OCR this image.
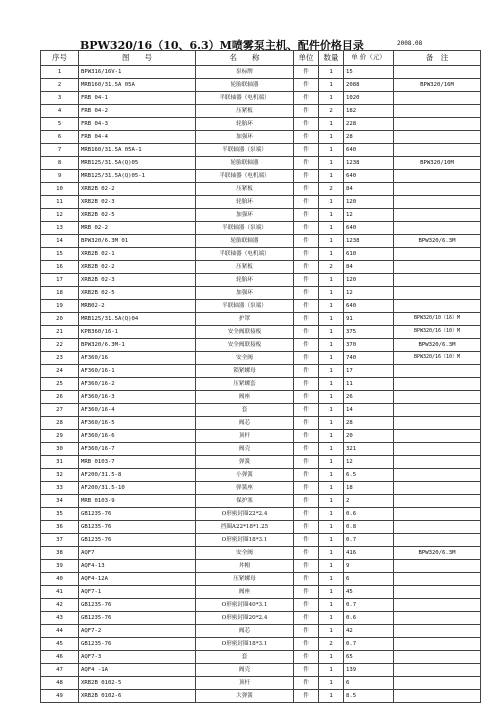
BPW320/16（10、6.3）M喷雾泵主机、配件价格目录	2008.08
序号	图　　号	名　　称	单位	数量	单 价（元）	备　注
1	BPW316/16V-1	泵标牌	件	1	15	
2	MRB160/31.5A 05A	轮胎联轴器	件	1	2088	BPW320/16M
3	FRB 04-1	半联轴器（电机端）	件	1	1020	
4	FRB 04-2	压紧板	件	2	182	
5	FRB 04-3	轮胎环	件	1	228	
6	FRB 04-4	加强环	件	1	28	
7	MRB160/31.5A 05A-1	半联轴器（泵端）	件	1	640	
8	MRB125/31.5A(Q)05	轮胎联轴器	件	1	1238	BPW320/10M
9	MRB125/31.5A(Q)05-1	半联轴器（电机端）	件	1	640	
10	XRB2B 02-2	压紧板	件	2	84	
11	XRB2B 02-3	轮胎环	件	1	120	
12	XRB2B 02-5	加强环	件	1	12	
13	MRB 02-2	半联轴器（泵端）	件	1	640	
14	BPW320/6.3M 01	轮胎联轴器	件	1	1238	BPW320/6.3M
15	XRB2B 02-1	半联轴器（电机端）	件	1	610	
16	XRB2B 02-2	压紧板	件	2	84	
17	XRB2B 02-3	轮胎环	件	1	120	
18	XRB2B 02-5	加强环	件	1	12	
19	MRB02-2	半联轴器（泵端）	件	1	640	
20	MRB125/31.5A(Q)04	护罩	件	1	91	BPW320/10（16）M
21	KPB360/16-1	安全阀联接板	件	1	375	BPW320/16（10）M
22	BPW320/6.3M-1	安全阀联接板	件	1	370	BPW320/6.3M
23	AF360/16	安全阀	件	1	740	BPW320/16（10）M
24	AF360/16-1	锁紧螺母	件	1	17	
25	AF360/16-2	压紧螺套	件	1	11	
26	AF360/16-3	阀座	件	1	26	
27	AF360/16-4	套	件	1	14	
28	AF360/16-5	阀芯	件	1	28	
29	AF360/16-6	顶杆	件	1	20	
30	AF360/16-7	阀壳	件	1	321	
31	MRB 0103-7	弹簧	件	1	12	
32	AF200/31.5-8	小弹簧	件	1	6.5	
33	AF200/31.5-10	弹簧座	件	1	18	
34	MRB 0103-9	保护塞	件	1	2	
35	GB1235-76	O形密封圈22*2.4	件	1	0.6	
36	GB1235-76	挡圈A22*18*1.25	件	1	0.8	
37	GB1235-76	O形密封圈18*3.1	件	1	0.7	
38	AQF7	安全阀	件	1	416	BPW320/6.3M
39	AQF4-13	丼帽	件	1	9	
40	AQF4-12A	压紧螺母	件	1	6	
41	AQF7-1	阀座	件	1	45	
42	GB1235-76	O形密封圈40*3.1	件	1	0.7	
43	GB1235-76	O形密封圈20*2.4	件	1	0.6	
44	AQF7-2	阀芯	件	1	42	
45	GB1235-76	O形密封圈18*3.1	件	2	0.7	
46	AQF7-3	套	件	1	65	
47	AQF4 -1A	阀壳	件	1	139	
48	XRB2B 0102-5	顶杆	件	1	6	
49	XRB2B 0102-6	大弹簧	件	1	8.5	
